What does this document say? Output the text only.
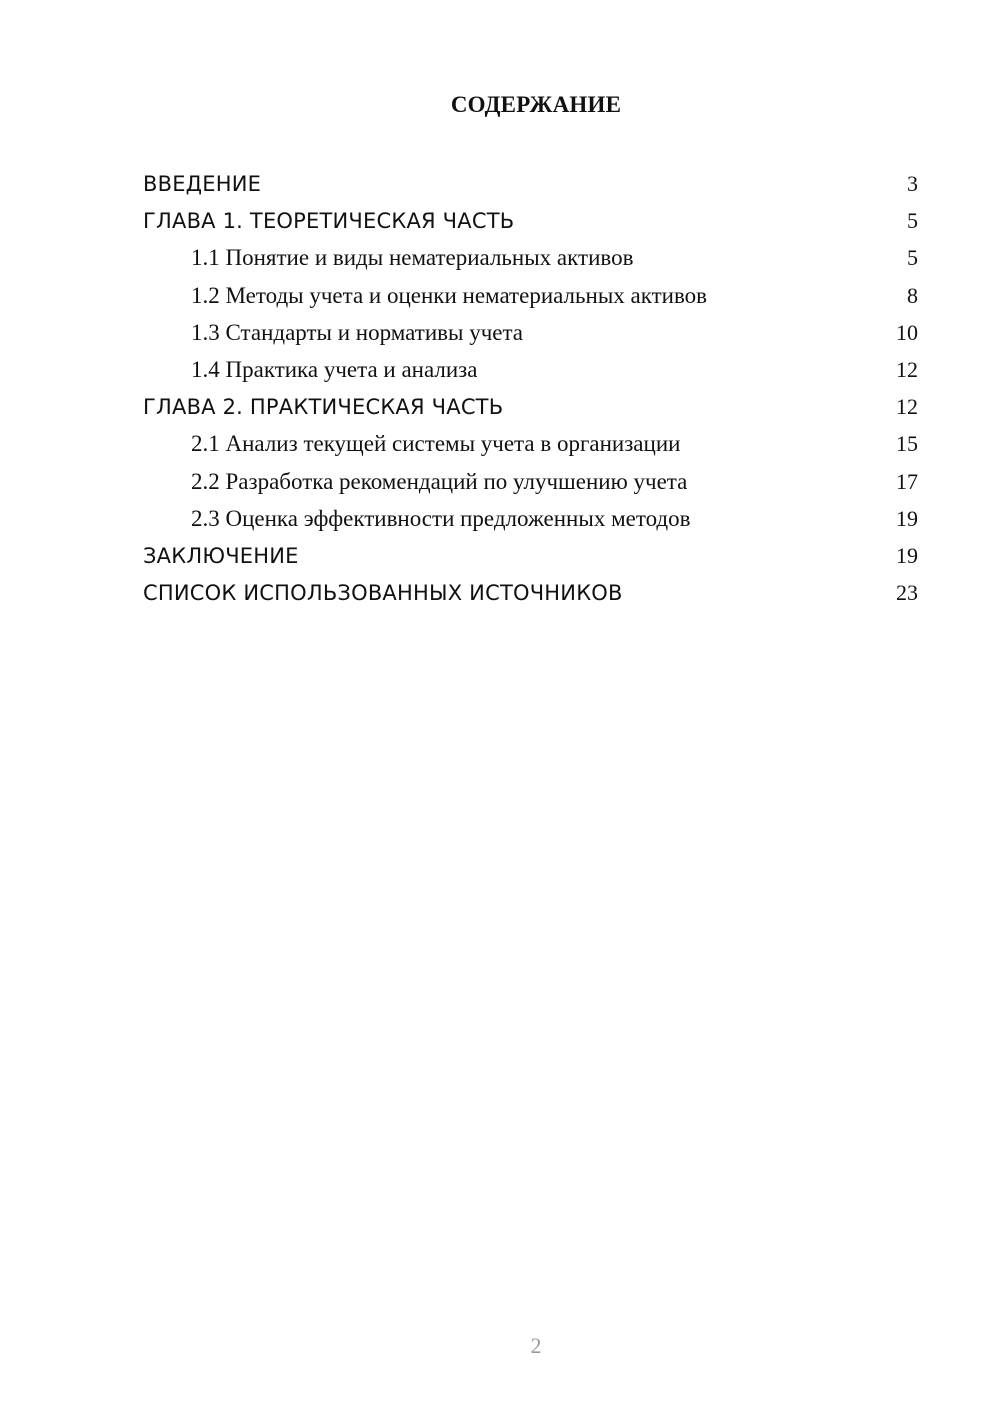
СОДЕРЖАНИЕ
ВВЕДЕНИЕ	3
ГЛАВА 1. ТЕОРЕТИЧЕСКАЯ ЧАСТЬ	5
1.1 Понятие и виды нематериальных активов	5
1.2 Методы учета и оценки нематериальных активов	8
1.3 Стандарты и нормативы учета	10
1.4 Практика учета и анализа	12
ГЛАВА 2. ПРАКТИЧЕСКАЯ ЧАСТЬ	12
2.1 Анализ текущей системы учета в организации	15
2.2 Разработка рекомендаций по улучшению учета	17
2.3 Оценка эффективности предложенных методов	19
ЗАКЛЮЧЕНИЕ	19
СПИСОК ИСПОЛЬЗОВАННЫХ ИСТОЧНИКОВ	23
2
